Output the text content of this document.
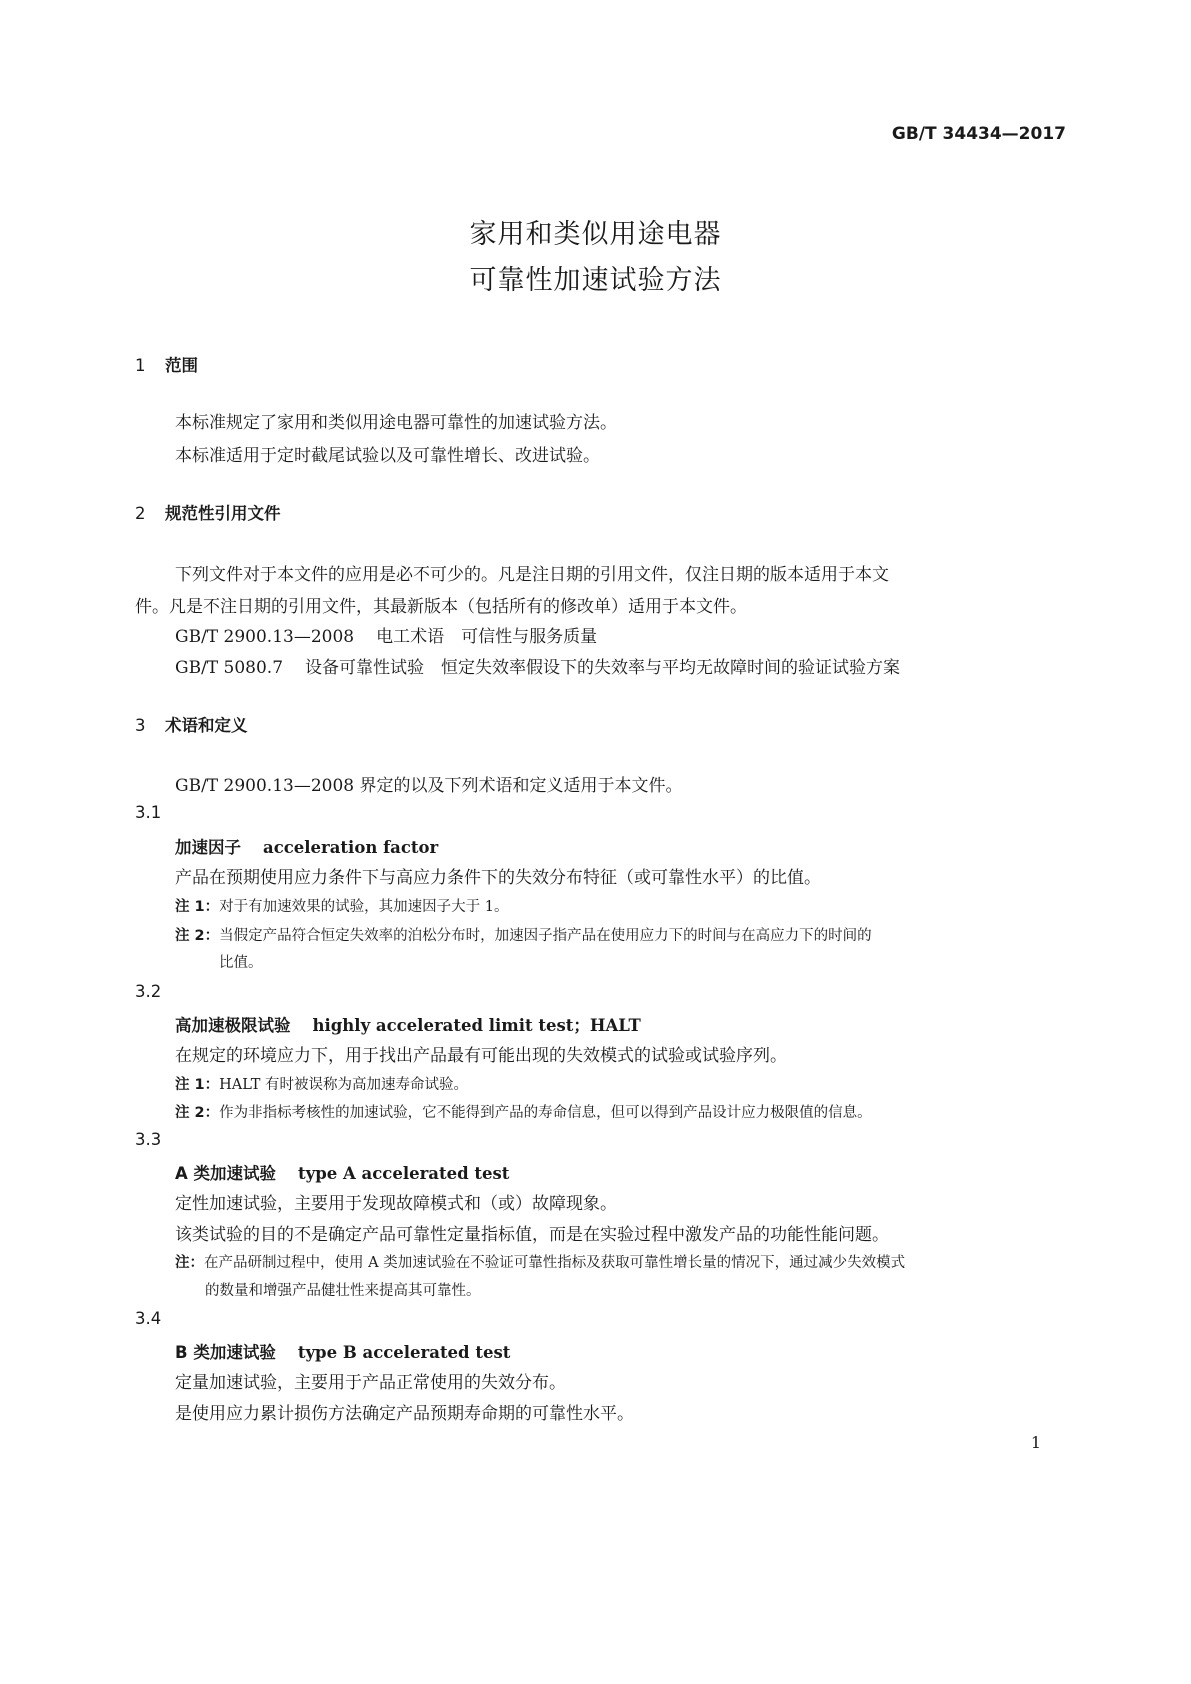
GB/T 34434—2017
家用和类似用途电器
可靠性加速试验方法
1 范围
本标准规定了家用和类似用途电器可靠性的加速试验方法。
本标准适用于定时截尾试验以及可靠性增长、改进试验。
2 规范性引用文件
下列文件对于本文件的应用是必不可少的。凡是注日期的引用文件，仅注日期的版本适用于本文
件。凡是不注日期的引用文件，其最新版本（包括所有的修改单）适用于本文件。
GB/T 2900.13—2008 电工术语　可信性与服务质量
GB/T 5080.7 设备可靠性试验　恒定失效率假设下的失效率与平均无故障时间的验证试验方案
3 术语和定义
GB/T 2900.13—2008 界定的以及下列术语和定义适用于本文件。
3.1
加速因子 acceleration factor
产品在预期使用应力条件下与高应力条件下的失效分布特征（或可靠性水平）的比值。
注 1：对于有加速效果的试验，其加速因子大于 1。
注 2：当假定产品符合恒定失效率的泊松分布时，加速因子指产品在使用应力下的时间与在高应力下的时间的
比值。
3.2
高加速极限试验 highly accelerated limit test；HALT
在规定的环境应力下，用于找出产品最有可能出现的失效模式的试验或试验序列。
注 1：HALT 有时被误称为高加速寿命试验。
注 2：作为非指标考核性的加速试验，它不能得到产品的寿命信息，但可以得到产品设计应力极限值的信息。
3.3
A 类加速试验 type A accelerated test
定性加速试验，主要用于发现故障模式和（或）故障现象。
该类试验的目的不是确定产品可靠性定量指标值，而是在实验过程中激发产品的功能性能问题。
注：在产品研制过程中，使用 A 类加速试验在不验证可靠性指标及获取可靠性增长量的情况下，通过减少失效模式
的数量和增强产品健壮性来提高其可靠性。
3.4
B 类加速试验 type B accelerated test
定量加速试验，主要用于产品正常使用的失效分布。
是使用应力累计损伤方法确定产品预期寿命期的可靠性水平。
1
